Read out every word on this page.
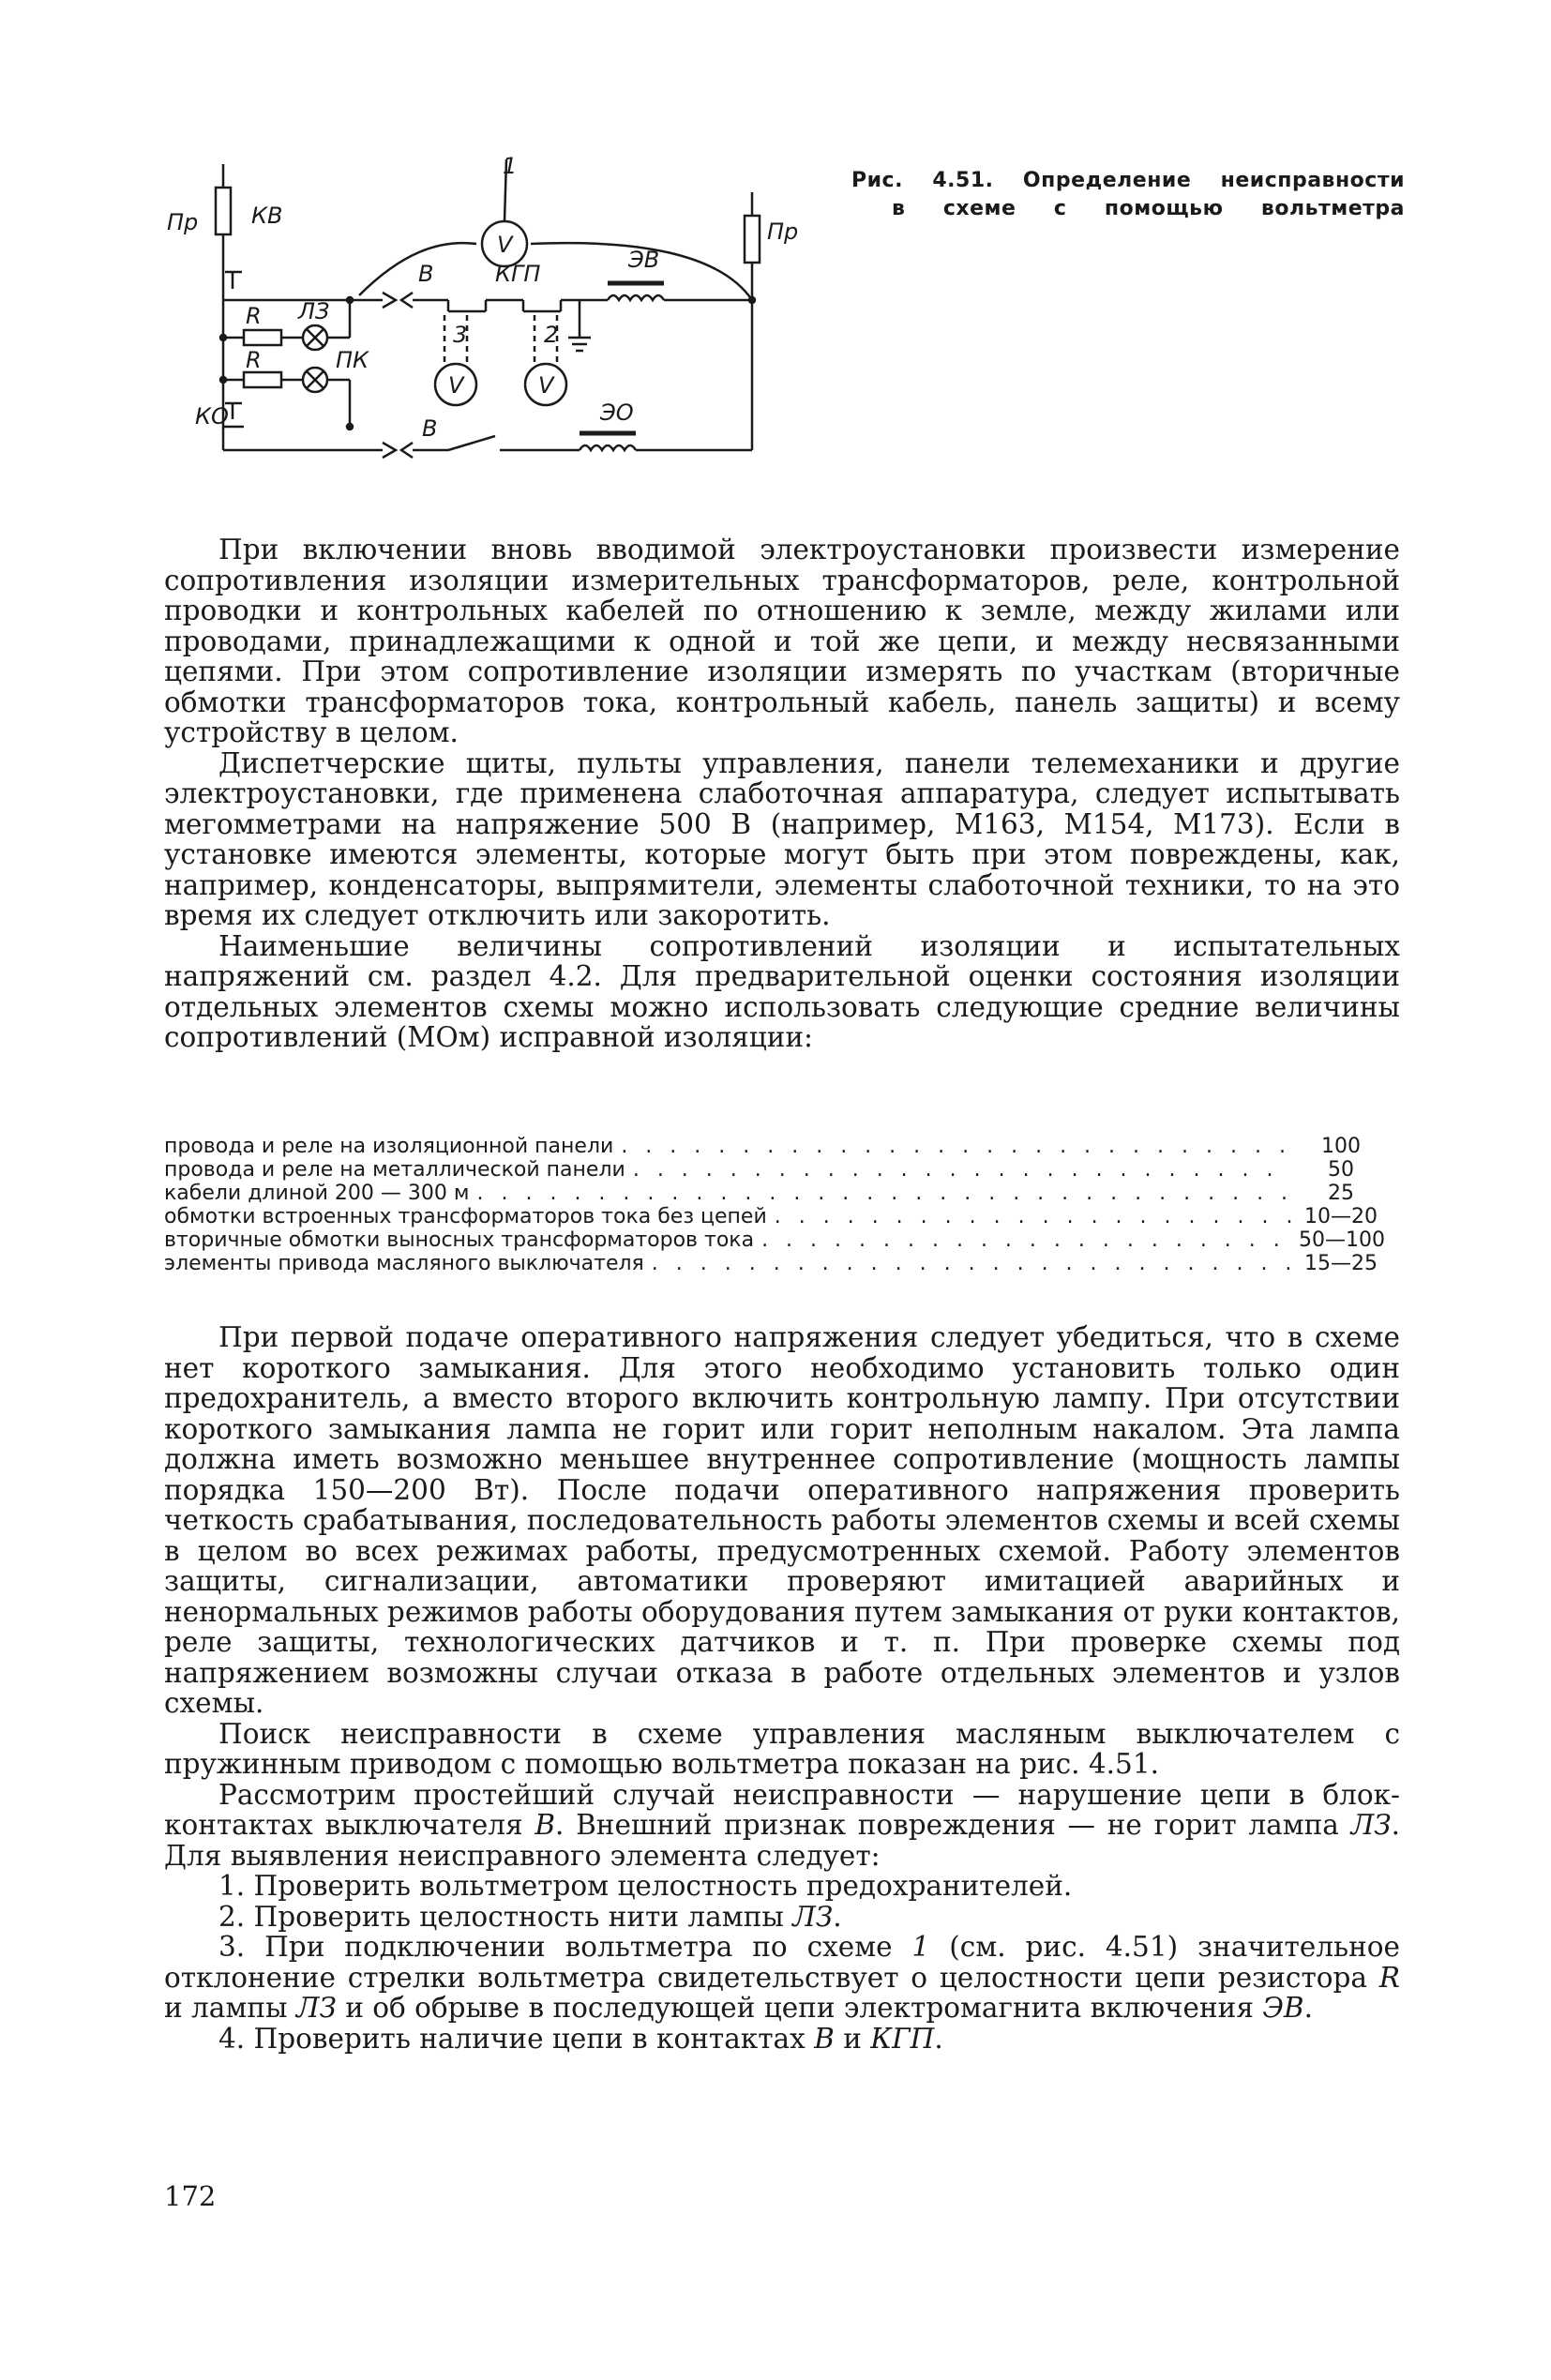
Пр	Пр
КВ
R ЛЗ
R	ПК
КО
В	КГП
ЭВ
ЭО
В
1
3	2
V
V	V
Рис. 4.51. Определение неисправности
в схеме с помощью вольтметра

При включении вновь вводимой электроустановки произвести измерение сопротивления изоляции измерительных трансформаторов, реле, контрольной проводки и контрольных кабелей по отношению к земле, между жилами или проводами, принадлежащими к одной и той же цепи, и между несвязанными цепями. При этом сопротивление изоляции измерять по участкам (вторичные обмотки трансформаторов тока, контрольный кабель, панель защиты) и всему устройству в целом.

Диспетчерские щиты, пульты управления, панели телемеханики и другие электроустановки, где применена слаботочная аппаратура, следует испытывать мегомметрами на напряжение 500 В (например, М163, М154, М173). Если в установке имеются элементы, которые могут быть при этом повреждены, как, например, конденсаторы, выпрямители, элементы слаботочной техники, то на это время их следует отключить или закоротить.

Наименьшие величины сопротивлений изоляции и испытательных напряжений см. раздел 4.2. Для предварительной оценки состояния изоляции отдельных элементов схемы можно использовать следующие средние величины сопротивлений (МОм) исправной изоляции:

провода и реле на изоляционной панели . . .	100
провода и реле на металлической панели . . .	50
кабели длиной 200 — 300 м . . .	25
обмотки встроенных трансформаторов тока без цепей . . .	10—20
вторичные обмотки выносных трансформаторов тока . . .	50—100
элементы привода масляного выключателя . . .	15—25

При первой подаче оперативного напряжения следует убедиться, что в схеме нет короткого замыкания. Для этого необходимо установить только один предохранитель, а вместо второго включить контрольную лампу. При отсутствии короткого замыкания лампа не горит или горит неполным накалом. Эта лампа должна иметь возможно меньшее внутреннее сопротивление (мощность лампы порядка 150—200 Вт). После подачи оперативного напряжения проверить четкость срабатывания, последовательность работы элементов схемы и всей схемы в целом во всех режимах работы, предусмотренных схемой. Работу элементов защиты, сигнализации, автоматики проверяют имитацией аварийных и ненормальных режимов работы оборудования путем замыкания от руки контактов, реле защиты, технологических датчиков и т. п. При проверке схемы под напряжением возможны случаи отказа в работе отдельных элементов и узлов схемы.

Поиск неисправности в схеме управления масляным выключателем с пружинным приводом с помощью вольтметра показан на рис. 4.51.

Рассмотрим простейший случай неисправности — нарушение цепи в блок-контактах выключателя В. Внешний признак повреждения — не горит лампа ЛЗ. Для выявления неисправного элемента следует:

1. Проверить вольтметром целостность предохранителей.

2. Проверить целостность нити лампы ЛЗ.

3. При подключении вольтметра по схеме 1 (см. рис. 4.51) значительное отклонение стрелки вольтметра свидетельствует о целостности цепи резистора R и лампы ЛЗ и об обрыве в последующей цепи электромагнита включения ЭВ.

4. Проверить наличие цепи в контактах В и КГП.

172
